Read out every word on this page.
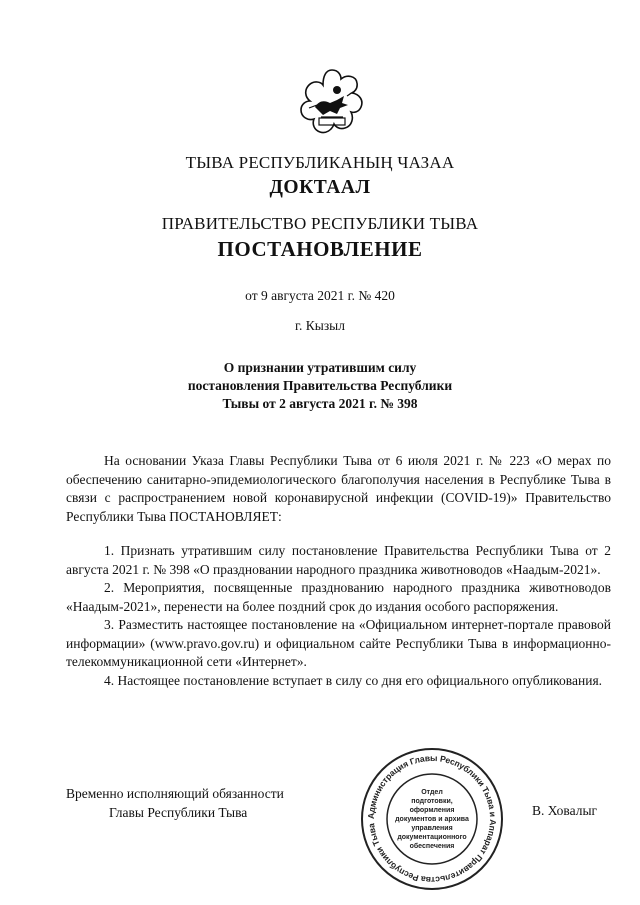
ТЫВА РЕСПУБЛИКАНЫҢ ЧАЗАА
ДОКТААЛ
ПРАВИТЕЛЬСТВО РЕСПУБЛИКИ ТЫВА
ПОСТАНОВЛЕНИЕ
от 9 августа 2021 г. № 420
г. Кызыл
О признании утратившим силу
постановления Правительства Республики
Тывы от 2 августа 2021 г. № 398

На основании Указа Главы Республики Тыва от 6 июля 2021 г. № 223 «О мерах по обеспечению санитарно-эпидемиологического благополучия населения в Республике Тыва в связи с распространением новой коронавирусной инфекции (COVID-19)» Правительство Республики Тыва ПОСТАНОВЛЯЕТ:

1. Признать утратившим силу постановление Правительства Республики Тыва от 2 августа 2021 г. № 398 «О праздновании народного праздника животноводов «Наадым-2021».

2. Мероприятия, посвященные празднованию народного праздника животноводов «Наадым-2021», перенести на более поздний срок до издания особого распоряжения.

3. Разместить настоящее постановление на «Официальном интернет-портале правовой информации» (www.pravo.gov.ru) и официальном сайте Республики Тыва в информационно-телекоммуникационной сети «Интернет».

4. Настоящее постановление вступает в силу со дня его официального опубликования.

Временно исполняющий обязанности
Главы Республики Тыва	В. Ховалыг
Администрация Главы Республики Тыва и Аппарат Правительства Республики Тыва
Отдел
подготовки,
оформления
документов и архива
управления
документационного
обеспечения
